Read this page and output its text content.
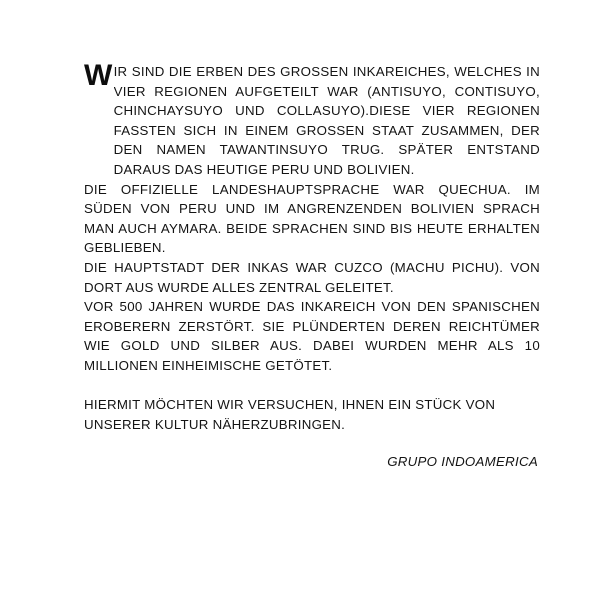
W IR SIND DIE ERBEN DES GROSSEN INKAREICHES, WELCHES IN VIER REGIONEN AUFGETEILT WAR (ANTISUYO, CONTISUYO, CHINCHAYSUYO UND COLLASUYO).DIESE VIER REGIONEN FASSTEN SICH IN EINEM GROSSEN STAAT ZUSAMMEN, DER DEN NAMEN TAWANTINSUYO TRUG. SPÄTER ENTSTAND DARAUS DAS HEUTIGE PERU UND BOLIVIEN.

DIE OFFIZIELLE LANDESHAUPTSPRACHE WAR QUECHUA. IM SÜDEN VON PERU UND IM ANGRENZENDEN BOLIVIEN SPRACH MAN AUCH AYMARA. BEIDE SPRACHEN SIND BIS HEUTE ERHALTEN GEBLIEBEN.

DIE HAUPTSTADT DER INKAS WAR CUZCO (MACHU PICHU). VON DORT AUS WURDE ALLES ZENTRAL GELEITET.

VOR 500 JAHREN WURDE DAS INKAREICH VON DEN SPANISCHEN EROBERERN ZERSTÖRT. SIE PLÜNDERTEN DEREN REICHTÜMER WIE GOLD UND SILBER AUS. DABEI WURDEN MEHR ALS 10 MILLIONEN EINHEIMISCHE GETÖTET.

HIERMIT MÖCHTEN WIR VERSUCHEN, IHNEN EIN STÜCK VON UNSERER KULTUR NÄHERZUBRINGEN.

GRUPO INDOAMERICA
